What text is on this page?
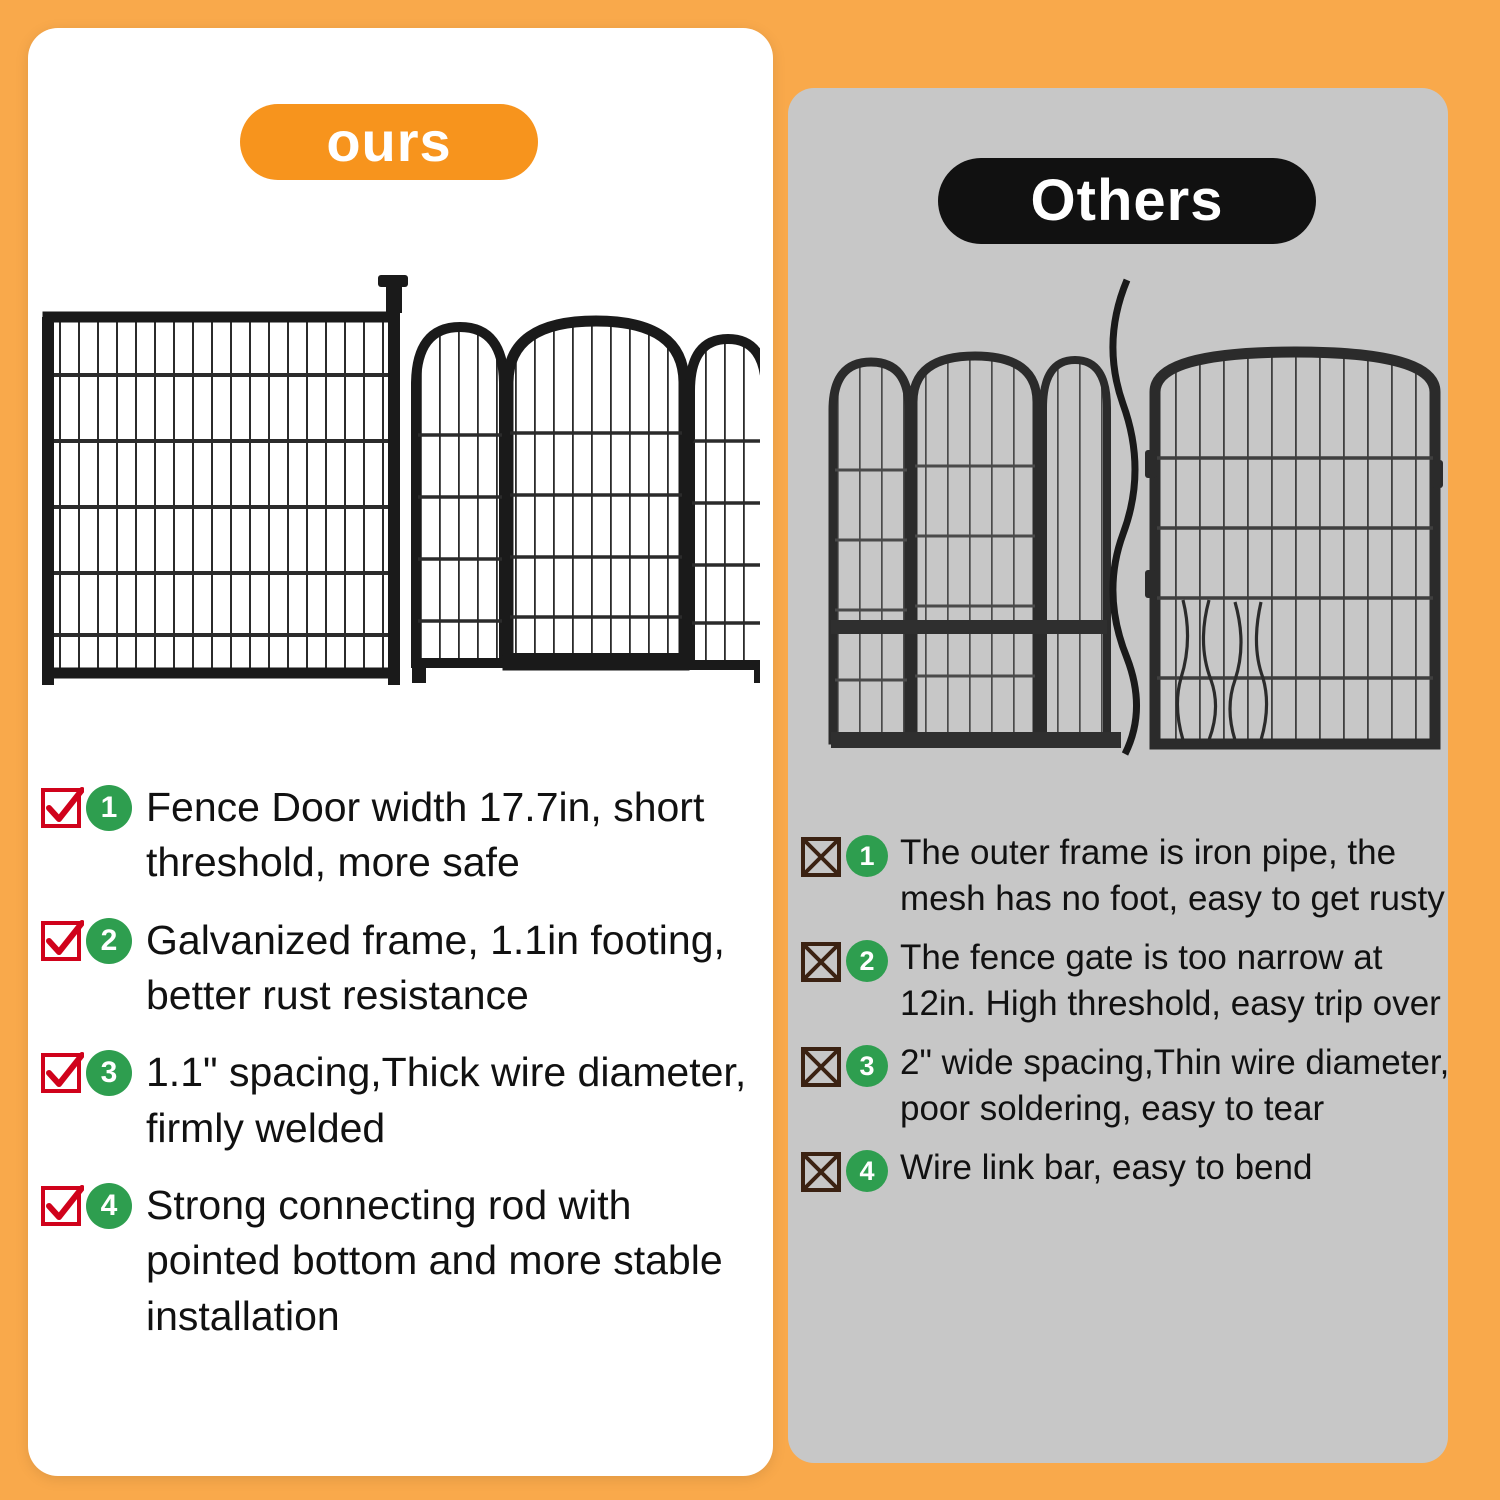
ours
Others
1 Fence Door width 17.7in, short threshold, more safe
2 Galvanized frame, 1.1in footing, better rust resistance
3 1.1" spacing,Thick wire diameter, firmly welded
4 Strong connecting rod with pointed bottom and more stable installation
1 The outer frame is iron pipe, the mesh has no foot, easy to get rusty
2 The fence gate is too narrow at 12in. High threshold, easy trip over
3 2" wide spacing,Thin wire diameter, poor soldering, easy to tear
4 Wire link bar, easy to bend
